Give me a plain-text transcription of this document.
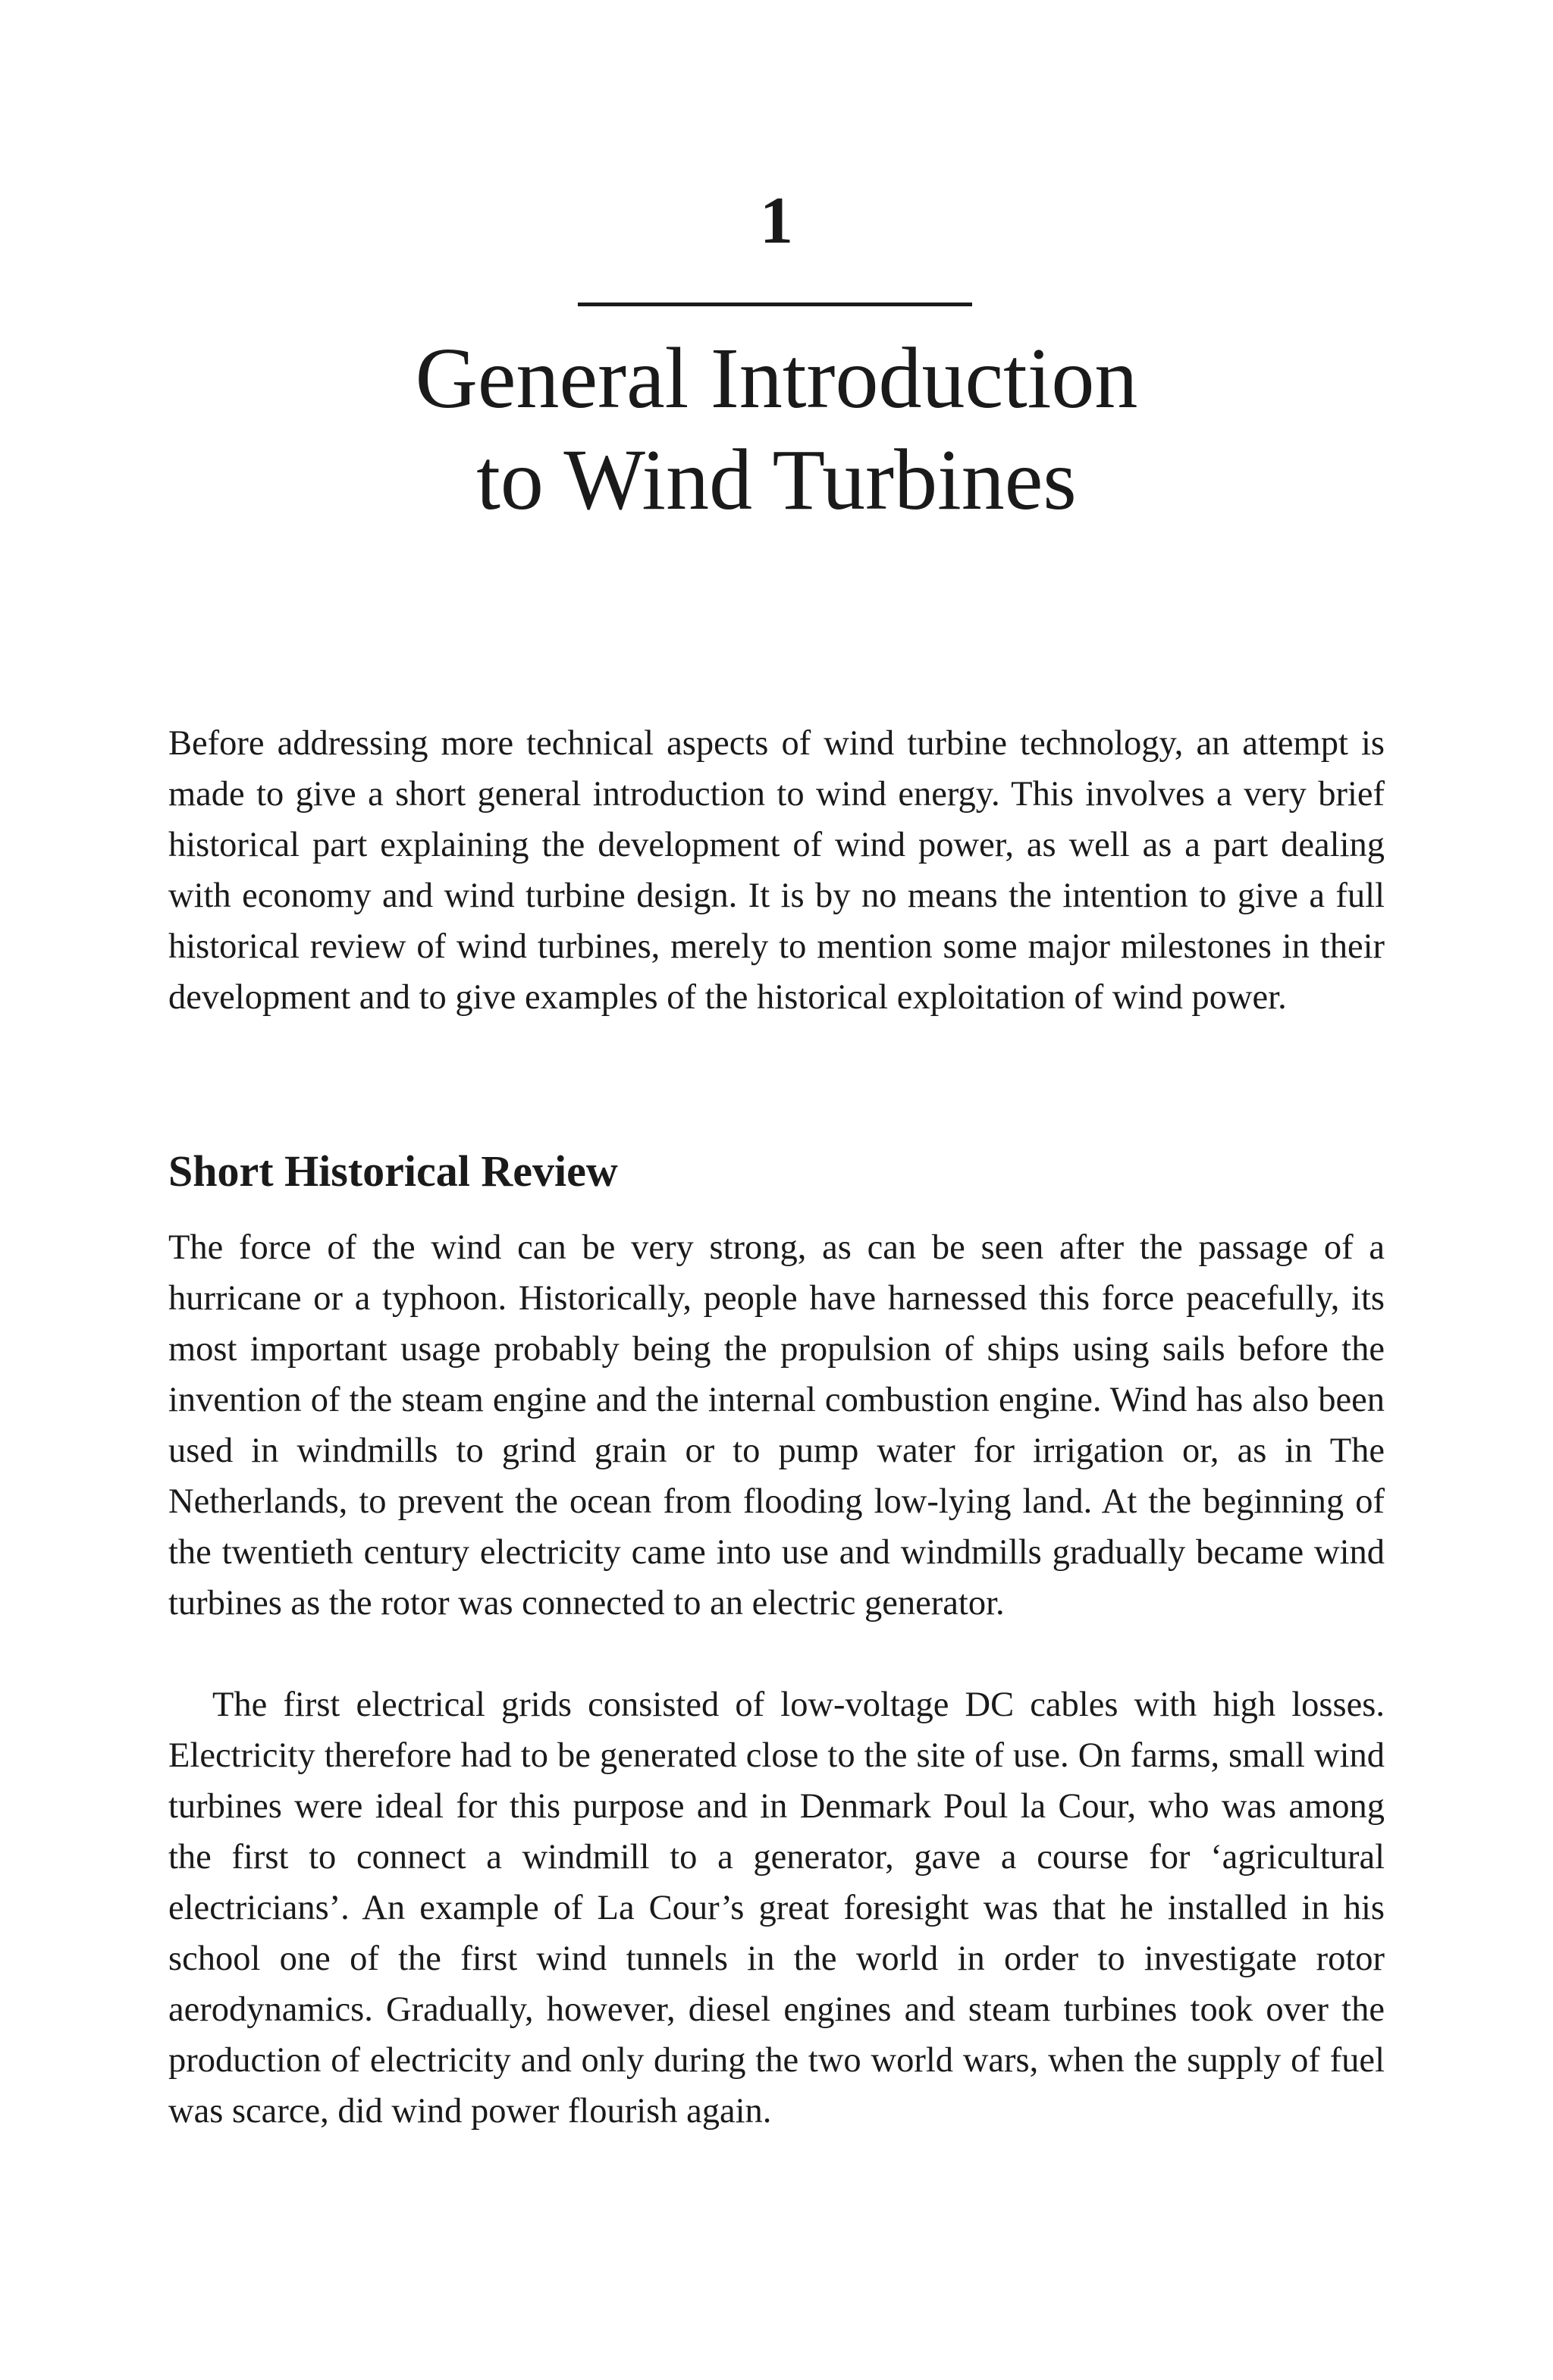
1
General Introduction
to Wind Turbines

Before addressing more technical aspects of wind turbine technology, an attempt is made to give a short general introduction to wind energy. This involves a very brief historical part explaining the development of wind power, as well as a part dealing with economy and wind turbine design. It is by no means the intention to give a full historical review of wind turbines, merely to mention some major milestones in their development and to give examples of the historical exploitation of wind power.

Short Historical Review

The force of the wind can be very strong, as can be seen after the passage of a hurricane or a typhoon. Historically, people have harnessed this force peacefully, its most important usage probably being the propulsion of ships using sails before the invention of the steam engine and the internal combustion engine. Wind has also been used in windmills to grind grain or to pump water for irrigation or, as in The Netherlands, to prevent the ocean from flooding low-lying land. At the beginning of the twentieth century electricity came into use and windmills gradually became wind turbines as the rotor was connected to an electric generator.

The first electrical grids consisted of low-voltage DC cables with high losses. Electricity therefore had to be generated close to the site of use. On farms, small wind turbines were ideal for this purpose and in Denmark Poul la Cour, who was among the first to connect a windmill to a generator, gave a course for ‘agricultural electricians’. An example of La Cour’s great foresight was that he installed in his school one of the first wind tunnels in the world in order to investigate rotor aerodynamics. Gradually, however, diesel engines and steam turbines took over the production of electricity and only during the two world wars, when the supply of fuel was scarce, did wind power flourish again.
